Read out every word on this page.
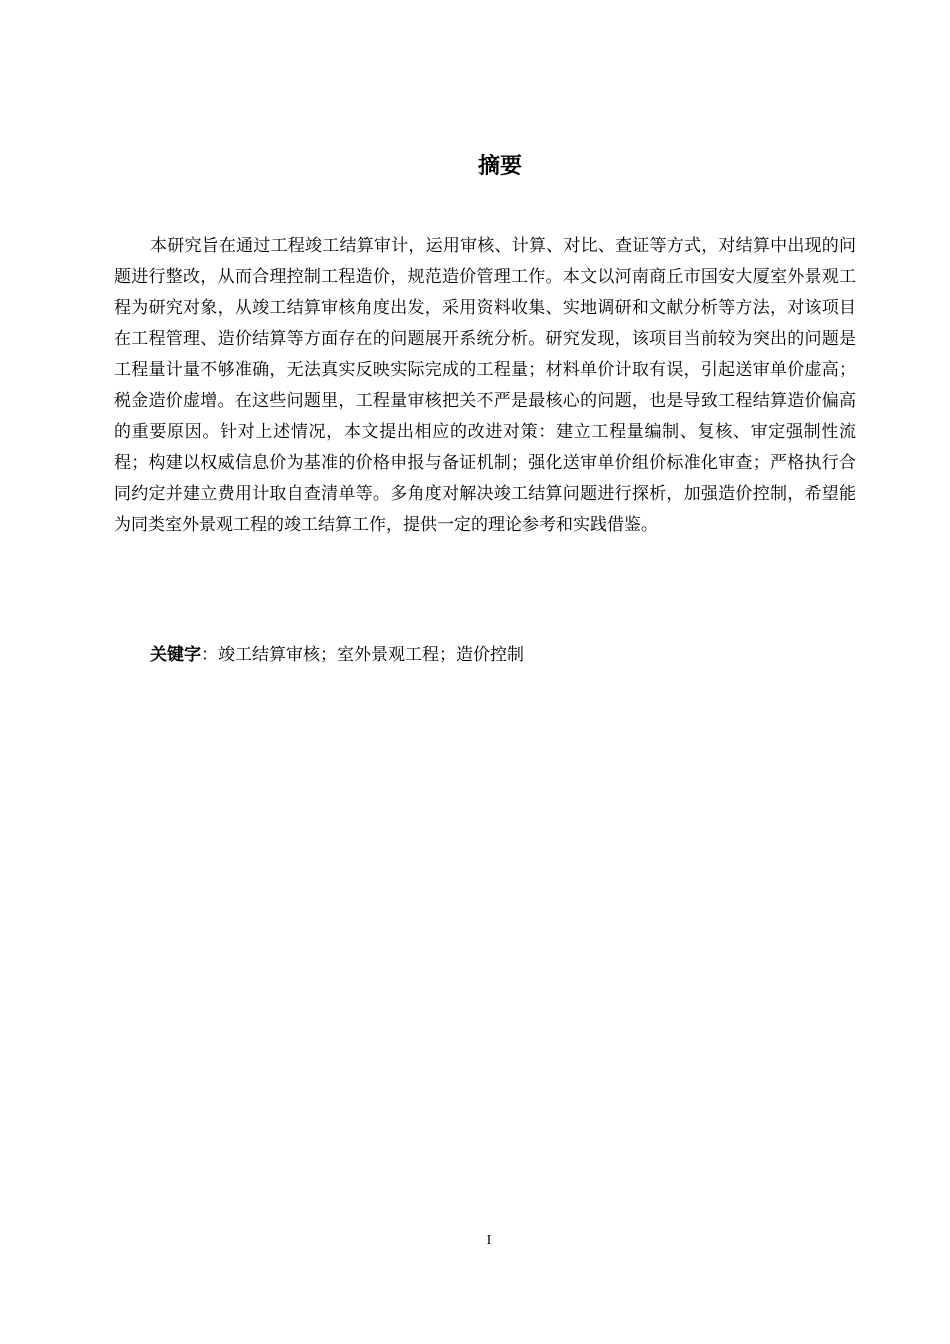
摘要

本研究旨在通过工程竣工结算审计，运用审核、计算、对比、查证等方式，对结算中出现的问题进行整改，从而合理控制工程造价，规范造价管理工作。本文以河南商丘市国安大厦室外景观工程为研究对象，从竣工结算审核角度出发，采用资料收集、实地调研和文献分析等方法，对该项目在工程管理、造价结算等方面存在的问题展开系统分析。研究发现，该项目当前较为突出的问题是工程量计量不够准确，无法真实反映实际完成的工程量；材料单价计取有误，引起送审单价虚高；税金造价虚增。在这些问题里，工程量审核把关不严是最核心的问题，也是导致工程结算造价偏高的重要原因。针对上述情况，本文提出相应的改进对策：建立工程量编制、复核、审定强制性流程；构建以权威信息价为基准的价格申报与备证机制；强化送审单价组价标准化审查；严格执行合同约定并建立费用计取自查清单等。多角度对解决竣工结算问题进行探析，加强造价控制，希望能为同类室外景观工程的竣工结算工作，提供一定的理论参考和实践借鉴。

关键字：竣工结算审核；室外景观工程；造价控制

I
